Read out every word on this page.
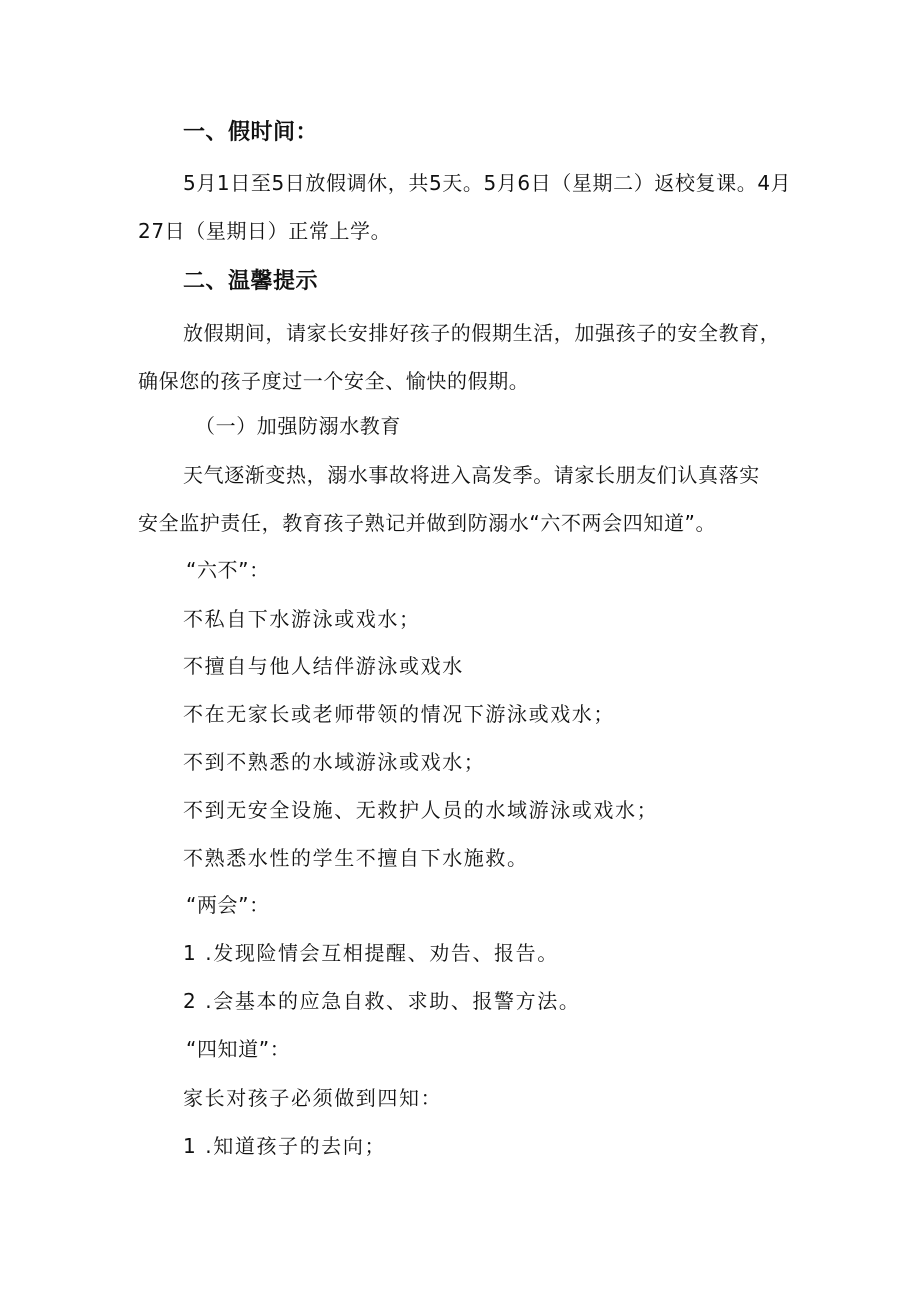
一、假时间：
5月1日至5日放假调休，共5天。5月6日（星期二）返校复课。4月
27日（星期日）正常上学。
二、温馨提示
放假期间，请家长安排好孩子的假期生活，加强孩子的安全教育，
确保您的孩子度过一个安全、愉快的假期。
（一）加强防溺水教育
天气逐渐变热，溺水事故将进入高发季。请家长朋友们认真落实
安全监护责任，教育孩子熟记并做到防溺水“六不两会四知道”。
“六不”：
不私自下水游泳或戏水；
不擅自与他人结伴游泳或戏水
不在无家长或老师带领的情况下游泳或戏水；
不到不熟悉的水域游泳或戏水；
不到无安全设施、无救护人员的水域游泳或戏水；
不熟悉水性的学生不擅自下水施救。
“两会”：
1 .发现险情会互相提醒、劝告、报告。
2 .会基本的应急自救、求助、报警方法。
“四知道”：
家长对孩子必须做到四知：
1 .知道孩子的去向；
